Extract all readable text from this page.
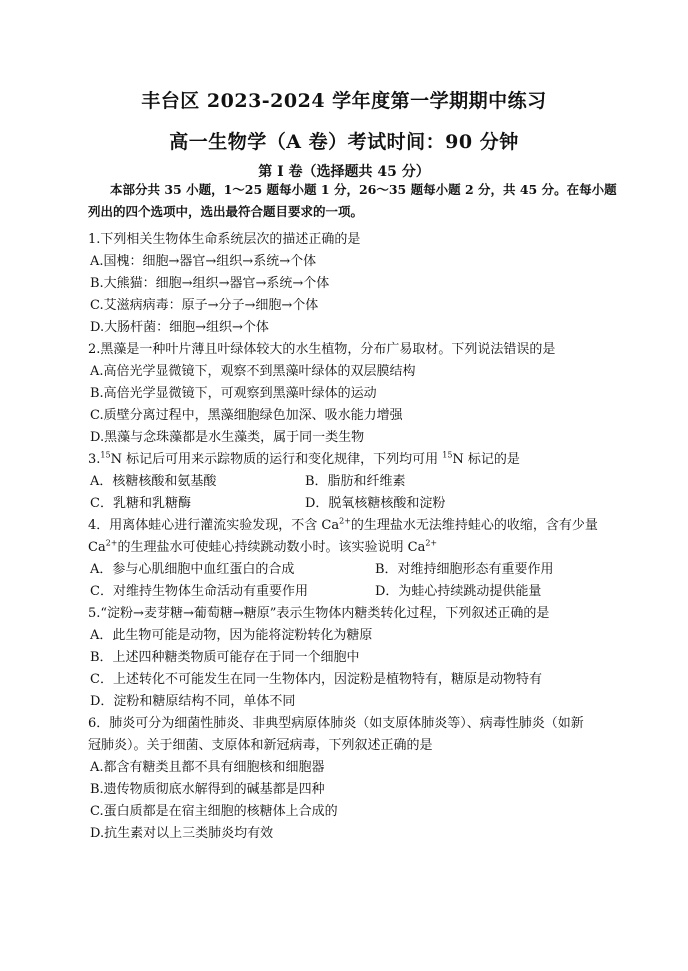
丰台区 2023-2024 学年度第一学期期中练习
高一生物学（A 卷）考试时间：90 分钟
第 I 卷（选择题共 45 分）
本部分共 35 小题，1～25 题每小题 1 分，26～35 题每小题 2 分，共 45 分。在每小题列出的四个选项中，选出最符合题目要求的一项。
1.下列相关生物体生命系统层次的描述正确的是
A.国槐：细胞→器官→组织→系统→个体
B.大熊猫：细胞→组织→器官→系统→个体
C.艾滋病病毒：原子→分子→细胞→个体
D.大肠杆菌：细胞→组织→个体
2.黑藻是一种叶片薄且叶绿体较大的水生植物，分布广易取材。下列说法错误的是
A.高倍光学显微镜下，观察不到黑藻叶绿体的双层膜结构
B.高倍光学显微镜下，可观察到黑藻叶绿体的运动
C.质壁分离过程中，黑藻细胞绿色加深、吸水能力增强
D.黑藻与念珠藻都是水生藻类，属于同一类生物
3.15N 标记后可用来示踪物质的运行和变化规律，下列均可用 $^{15}$N 标记的是
A．核糖核酸和氨基酸	B．脂肪和纤维素
C．乳糖和乳糖酶	D．脱氧核糖核酸和淀粉
4．用离体蛙心进行灌流实验发现，不含 $Ca^{2+}$的生理盐水无法维持蛙心的收缩，含有少量
$Ca^{2+}$的生理盐水可使蛙心持续跳动数小时。该实验说明 $Ca^{2+}$
A．参与心肌细胞中血红蛋白的合成	B．对维持细胞形态有重要作用
C．对维持生物体生命活动有重要作用	D．为蛙心持续跳动提供能量
5.“淀粉→麦芽糖→葡萄糖→糖原”表示生物体内糖类转化过程，下列叙述正确的是
A．此生物可能是动物，因为能将淀粉转化为糖原
B．上述四种糖类物质可能存在于同一个细胞中
C．上述转化不可能发生在同一生物体内，因淀粉是植物特有，糖原是动物特有
D．淀粉和糖原结构不同，单体不同
6．肺炎可分为细菌性肺炎、非典型病原体肺炎（如支原体肺炎等）、病毒性肺炎（如新
冠肺炎）。关于细菌、支原体和新冠病毒，下列叙述正确的是
A.都含有糖类且都不具有细胞核和细胞器
B.遗传物质彻底水解得到的碱基都是四种
C.蛋白质都是在宿主细胞的核糖体上合成的
D.抗生素对以上三类肺炎均有效
